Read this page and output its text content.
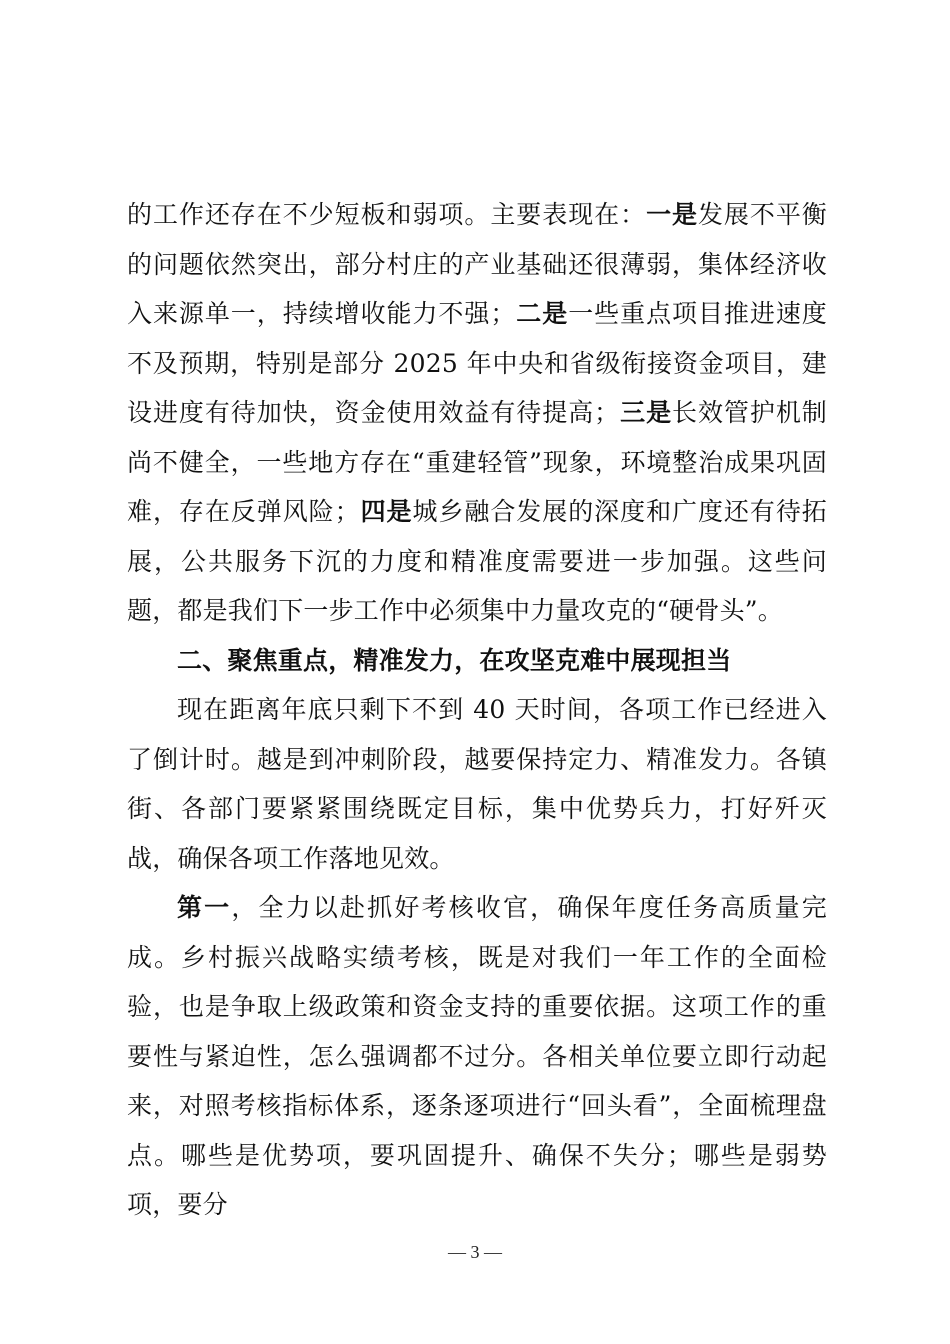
的工作还存在不少短板和弱项。主要表现在：一是发展不平衡的问题依然突出，部分村庄的产业基础还很薄弱，集体经济收入来源单一，持续增收能力不强；二是一些重点项目推进速度不及预期，特别是部分 2025 年中央和省级衔接资金项目，建设进度有待加快，资金使用效益有待提高；三是长效管护机制尚不健全，一些地方存在“重建轻管”现象，环境整治成果巩固难，存在反弹风险；四是城乡融合发展的深度和广度还有待拓展，公共服务下沉的力度和精准度需要进一步加强。这些问题，都是我们下一步工作中必须集中力量攻克的“硬骨头”。

二、聚焦重点，精准发力，在攻坚克难中展现担当

现在距离年底只剩下不到 40 天时间，各项工作已经进入了倒计时。越是到冲刺阶段，越要保持定力、精准发力。各镇街、各部门要紧紧围绕既定目标，集中优势兵力，打好歼灭战，确保各项工作落地见效。

第一，全力以赴抓好考核收官，确保年度任务高质量完成。乡村振兴战略实绩考核，既是对我们一年工作的全面检验，也是争取上级政策和资金支持的重要依据。这项工作的重要性与紧迫性，怎么强调都不过分。各相关单位要立即行动起来，对照考核指标体系，逐条逐项进行“回头看”，全面梳理盘点。哪些是优势项，要巩固提升、确保不失分；哪些是弱势项，要分

— 3 —
